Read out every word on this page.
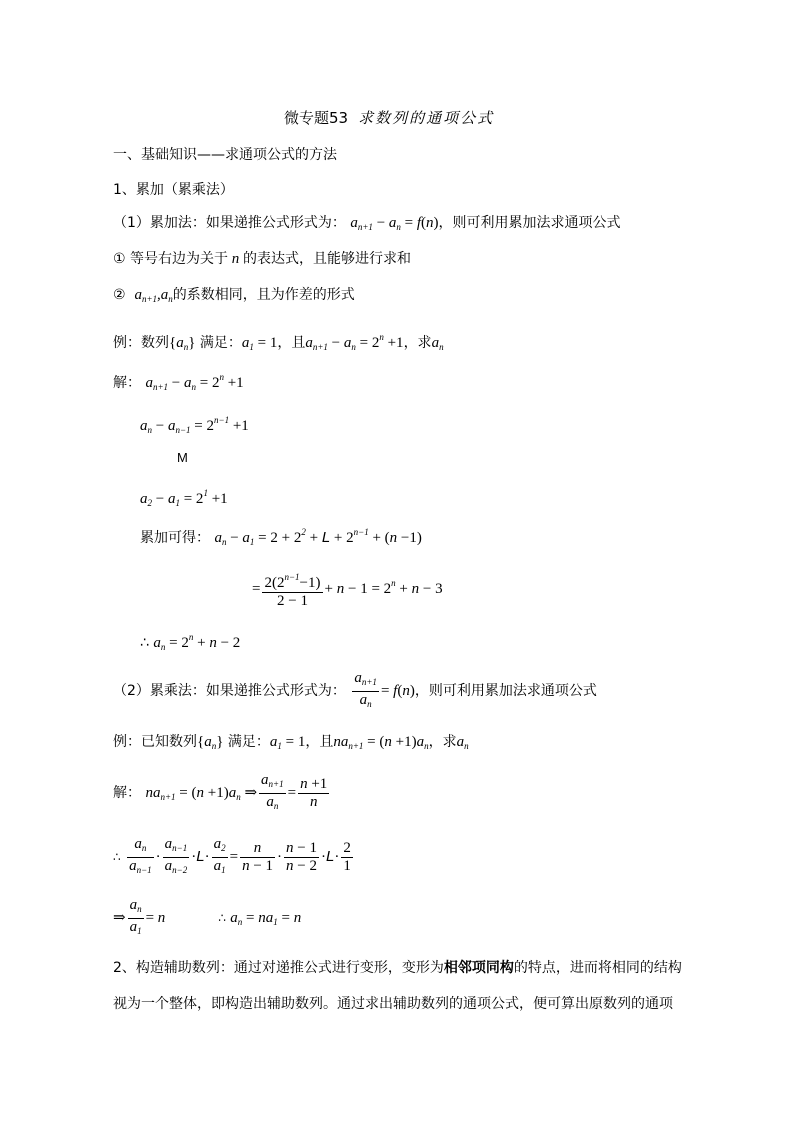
微专题53 求数列的通项公式
一、基础知识——求通项公式的方法
1、累加（累乘法）
（1）累加法：如果递推公式形式为： $a_{n+1} - a_n = f(n)$，则可利用累加法求通项公式
① 等号右边为关于 n 的表达式，且能够进行求和
② $a_{n+1},a_n$的系数相同，且为作差的形式
例：数列$\{a_n\}$ 满足：$a_1 = 1$，且$a_{n+1} - a_n = 2^n +1$，求$a_n$
解： $a_{n+1} - a_n = 2^n +1$
$a_n - a_{n-1} = 2^{n-1} +1$
M
$a_2 - a_1 = 2^1 +1$
累加可得： $a_n - a_1 = 2 + 2^2 + L + 2^{n-1} + (n -1)$
= $\frac{2(2^{n-1}-1)}{2 - 1} + n - 1 = 2^n + n - 3$
∴ $a_n = 2^n + n - 2$
（2）累乘法：如果递推公式形式为： $\frac{a_{n+1}}{a_n} = f(n)$，则可利用累加法求通项公式
例：已知数列$\{a_n\}$ 满足：$a_1 = 1$，且$na_{n+1} = (n +1)a_n$，求$a_n$
解： $na_{n+1} = (n +1)a_n$ ⇒ $\frac{a_{n+1}}{a_n} = \frac{n +1}{n}$
∴ $\frac{a_n}{a_{n-1}} \cdot \frac{a_{n-1}}{a_{n-2}} \cdot L\cdot \frac{a_2}{a_1} = \frac{n}{n - 1} \cdot \frac{n - 1}{n - 2} \cdot L\cdot \frac{2}{1}$
⇒ $\frac{a_n}{a_1} = n$	∴ $a_n = na_1 = n$
2、构造辅助数列：通过对递推公式进行变形，变形为相邻项同构的特点，进而将相同的结构
视为一个整体，即构造出辅助数列。通过求出辅助数列的通项公式，便可算出原数列的通项
